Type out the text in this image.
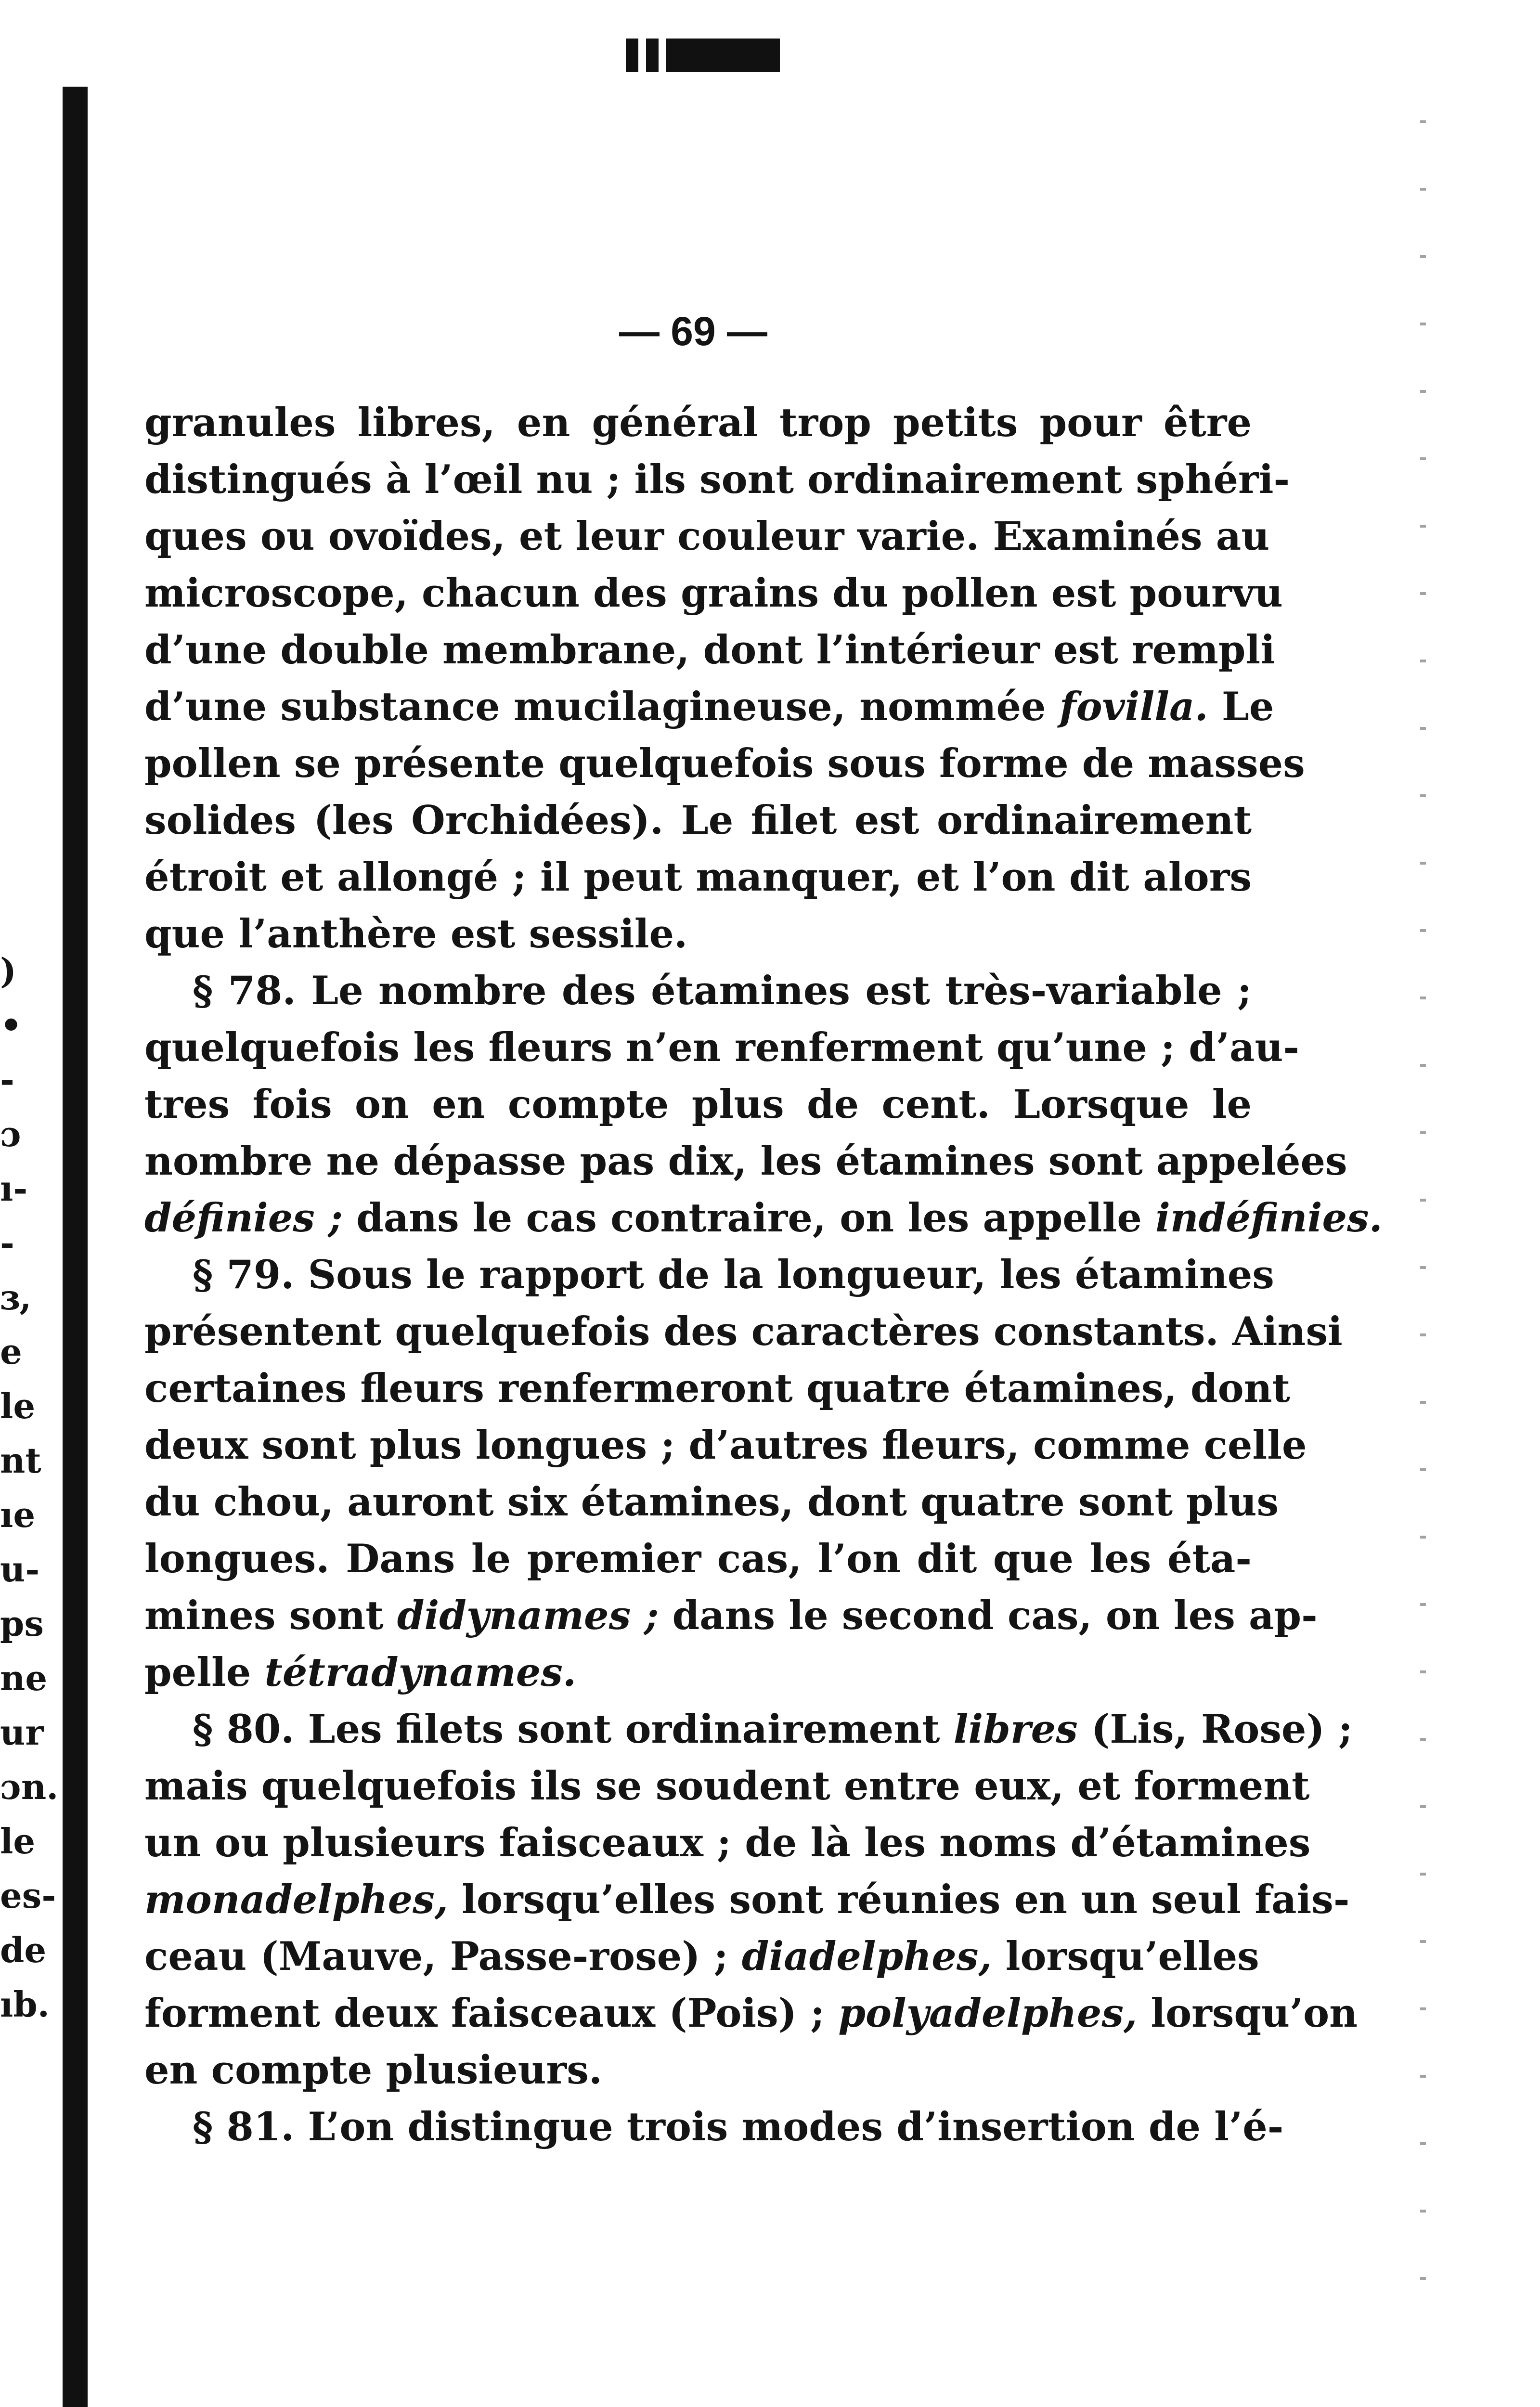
)
•
-
ɔ
ı-
-
ɜ,
e
le
nt
ıe
u-
ps
ne
ur
ɔn.
le
es-
de
ıb.
— 69 —
granules libres, en général trop petits pour être
distingués à l’œil nu ; ils sont ordinairement sphéri-
ques ou ovoïdes, et leur couleur varie. Examinés au
microscope, chacun des grains du pollen est pourvu
d’une double membrane, dont l’intérieur est rempli
d’une substance mucilagineuse, nommée fovilla. Le
pollen se présente quelquefois sous forme de masses
solides (les Orchidées). Le filet est ordinairement
étroit et allongé ; il peut manquer, et l’on dit alors
que l’anthère est sessile.
§ 78. Le nombre des étamines est très-variable ;
quelquefois les fleurs n’en renferment qu’une ; d’au-
tres fois on en compte plus de cent. Lorsque le
nombre ne dépasse pas dix, les étamines sont appelées
définies ; dans le cas contraire, on les appelle indéfinies.
§ 79. Sous le rapport de la longueur, les étamines
présentent quelquefois des caractères constants. Ainsi
certaines fleurs renfermeront quatre étamines, dont
deux sont plus longues ; d’autres fleurs, comme celle
du chou, auront six étamines, dont quatre sont plus
longues. Dans le premier cas, l’on dit que les éta-
mines sont didynames ; dans le second cas, on les ap-
pelle tétradynames.
§ 80. Les filets sont ordinairement libres (Lis, Rose) ;
mais quelquefois ils se soudent entre eux, et forment
un ou plusieurs faisceaux ; de là les noms d’étamines
monadelphes, lorsqu’elles sont réunies en un seul fais-
ceau (Mauve, Passe-rose) ; diadelphes, lorsqu’elles
forment deux faisceaux (Pois) ; polyadelphes, lorsqu’on
en compte plusieurs.
§ 81. L’on distingue trois modes d’insertion de l’é-
